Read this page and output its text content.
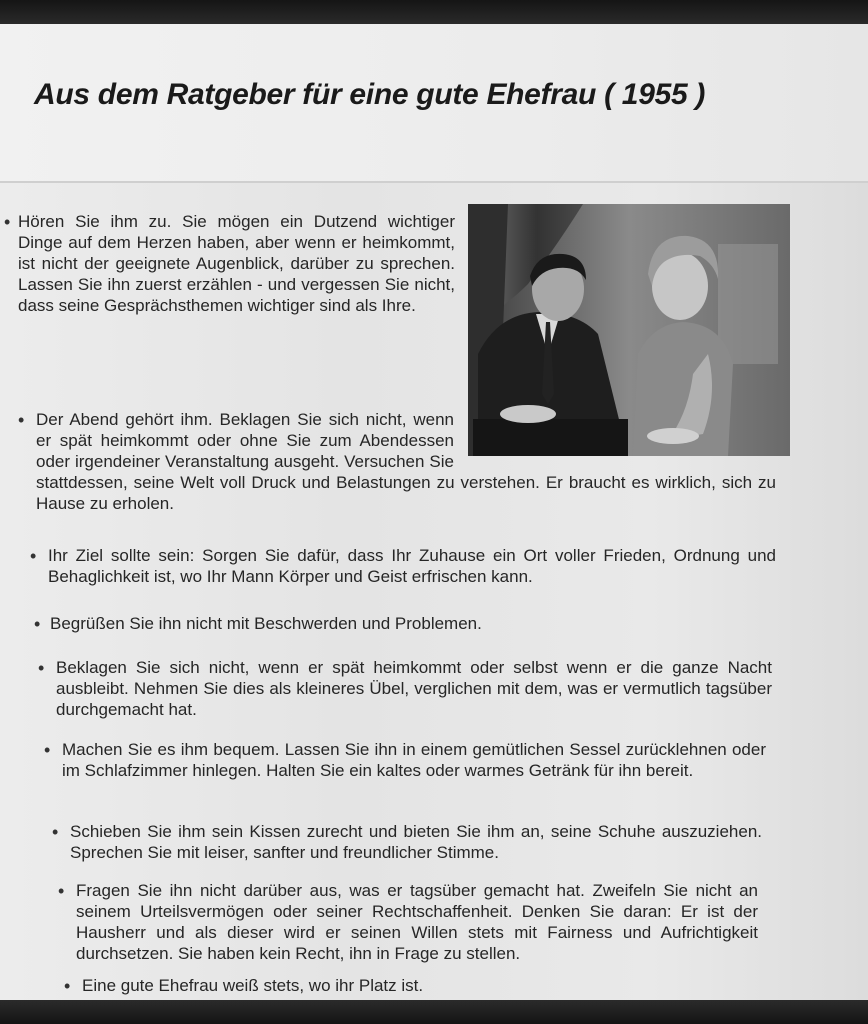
Aus dem Ratgeber für eine gute Ehefrau ( 1955 )
• Hören Sie ihm zu. Sie mögen ein Dutzend wichtiger Dinge auf dem Herzen haben, aber wenn er heimkommt, ist nicht der geeignete Augenblick, darüber zu sprechen. Lassen Sie ihn zuerst erzählen - und vergessen Sie nicht, dass seine Gesprächsthemen wichtiger sind als Ihre.
• Der Abend gehört ihm. Beklagen Sie sich nicht, wenn er spät heimkommt oder ohne Sie zum Abendessen oder irgendeiner Veranstaltung ausgeht. Versuchen Sie stattdessen, seine Welt voll Druck und Belastungen zu verstehen. Er braucht es wirklich, sich zu Hause zu erholen.
• Ihr Ziel sollte sein: Sorgen Sie dafür, dass Ihr Zuhause ein Ort voller Frieden, Ordnung und Behaglichkeit ist, wo Ihr Mann Körper und Geist erfrischen kann.
• Begrüßen Sie ihn nicht mit Beschwerden und Problemen.
• Beklagen Sie sich nicht, wenn er spät heimkommt oder selbst wenn er die ganze Nacht ausbleibt. Nehmen Sie dies als kleineres Übel, verglichen mit dem, was er vermutlich tagsüber durchgemacht hat.
• Machen Sie es ihm bequem. Lassen Sie ihn in einem gemütlichen Sessel zurücklehnen oder im Schlafzimmer hinlegen. Halten Sie ein kaltes oder warmes Getränk für ihn bereit.
• Schieben Sie ihm sein Kissen zurecht und bieten Sie ihm an, seine Schuhe auszuziehen. Sprechen Sie mit leiser, sanfter und freundlicher Stimme.
• Fragen Sie ihn nicht darüber aus, was er tagsüber gemacht hat. Zweifeln Sie nicht an seinem Urteilsvermögen oder seiner Rechtschaffenheit. Denken Sie daran: Er ist der Hausherr und als dieser wird er seinen Willen stets mit Fairness und Aufrichtigkeit durchsetzen. Sie haben kein Recht, ihn in Frage zu stellen.
• Eine gute Ehefrau weiß stets, wo ihr Platz ist.
